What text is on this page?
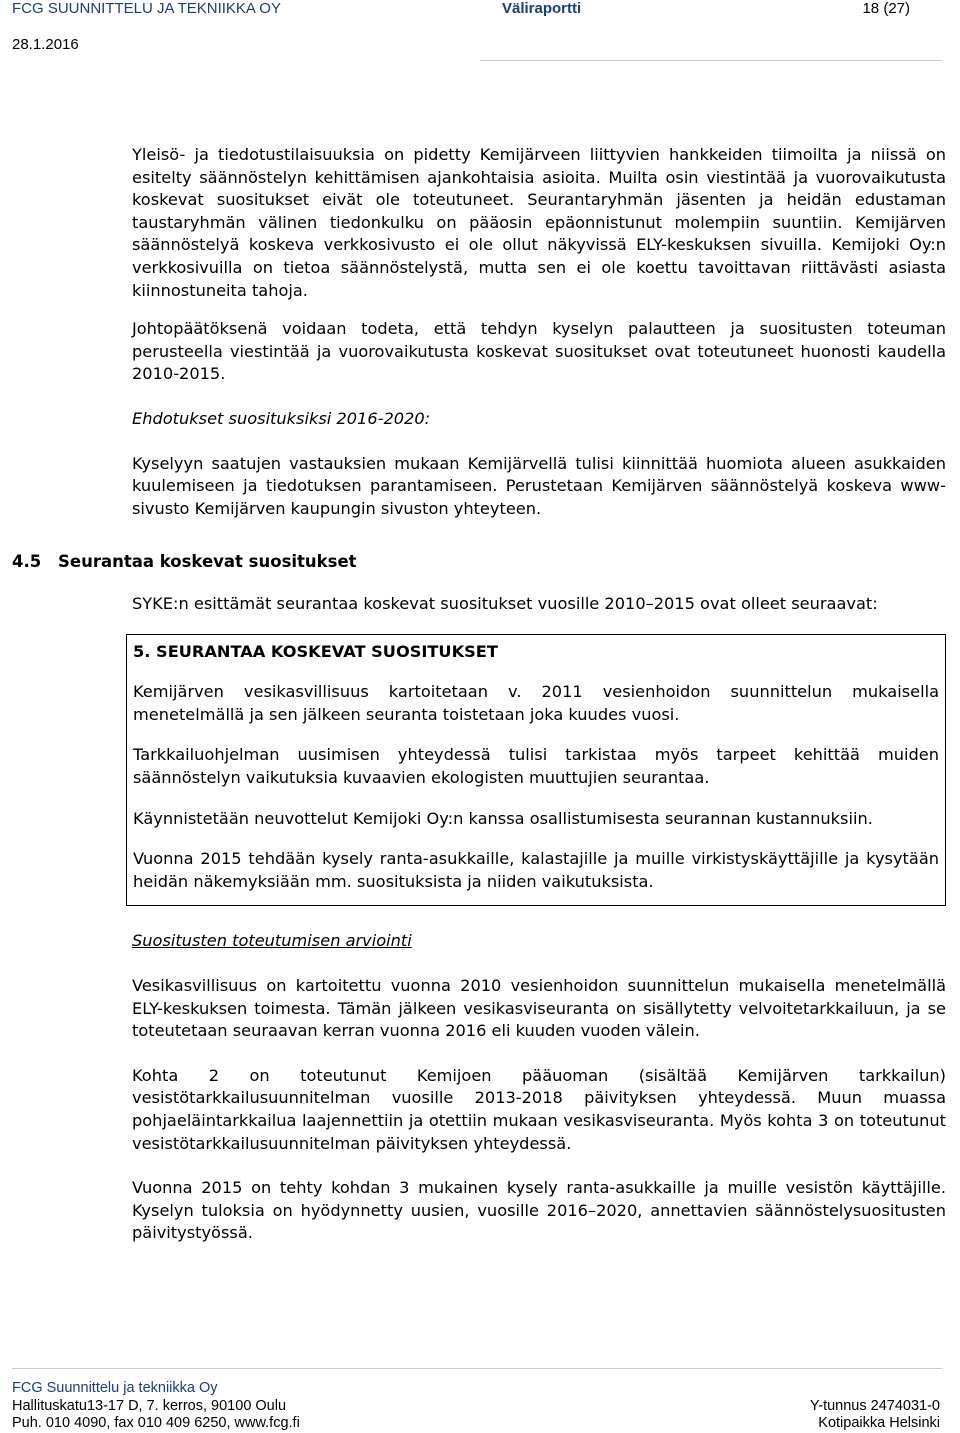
FCG SUUNNITTELU JA TEKNIIKKA OY	Väliraportti	18 (27)
28.1.2016

Yleisö- ja tiedotustilaisuuksia on pidetty Kemijärveen liittyvien hankkeiden tiimoilta ja niissä on esitelty säännöstelyn kehittämisen ajankohtaisia asioita. Muilta osin viestintää ja vuorovaikutusta koskevat suositukset eivät ole toteutuneet. Seurantaryhmän jäsenten ja heidän edustaman taustaryhmän välinen tiedonkulku on pääosin epäonnistunut molempiin suuntiin. Kemijärven säännöstelyä koskeva verkkosivusto ei ole ollut näkyvissä ELY-keskuksen sivuilla. Kemijoki Oy:n verkkosivuilla on tietoa säännöstelystä, mutta sen ei ole koettu tavoittavan riittävästi asiasta kiinnostuneita tahoja.

Johtopäätöksenä voidaan todeta, että tehdyn kyselyn palautteen ja suositusten toteuman perusteella viestintää ja vuorovaikutusta koskevat suositukset ovat toteutuneet huonosti kaudella 2010-2015.

Ehdotukset suosituksiksi 2016-2020:

Kyselyyn saatujen vastauksien mukaan Kemijärvellä tulisi kiinnittää huomiota alueen asukkaiden kuulemiseen ja tiedotuksen parantamiseen. Perustetaan Kemijärven säännöstelyä koskeva www-sivusto Kemijärven kaupungin sivuston yhteyteen.

4.5 Seurantaa koskevat suositukset

SYKE:n esittämät seurantaa koskevat suositukset vuosille 2010–2015 ovat olleet seuraavat:

5. SEURANTAA KOSKEVAT SUOSITUKSET

Kemijärven vesikasvillisuus kartoitetaan v. 2011 vesienhoidon suunnittelun mukaisella menetelmällä ja sen jälkeen seuranta toistetaan joka kuudes vuosi.

Tarkkailuohjelman uusimisen yhteydessä tulisi tarkistaa myös tarpeet kehittää muiden säännöstelyn vaikutuksia kuvaavien ekologisten muuttujien seurantaa.

Käynnistetään neuvottelut Kemijoki Oy:n kanssa osallistumisesta seurannan kustannuksiin.

Vuonna 2015 tehdään kysely ranta-asukkaille, kalastajille ja muille virkistyskäyttäjille ja kysytään heidän näkemyksiään mm. suosituksista ja niiden vaikutuksista.

Suositusten toteutumisen arviointi

Vesikasvillisuus on kartoitettu vuonna 2010 vesienhoidon suunnittelun mukaisella menetelmällä ELY-keskuksen toimesta. Tämän jälkeen vesikasviseuranta on sisällytetty velvoitetarkkailuun, ja se toteutetaan seuraavan kerran vuonna 2016 eli kuuden vuoden välein.

Kohta 2 on toteutunut Kemijoen pääuoman (sisältää Kemijärven tarkkailun) vesistötarkkailusuunnitelman vuosille 2013-2018 päivityksen yhteydessä. Muun muassa pohjaeläintarkkailua laajennettiin ja otettiin mukaan vesikasviseuranta. Myös kohta 3 on toteutunut vesistötarkkailusuunnitelman päivityksen yhteydessä.

Vuonna 2015 on tehty kohdan 3 mukainen kysely ranta-asukkaille ja muille vesistön käyttäjille. Kyselyn tuloksia on hyödynnetty uusien, vuosille 2016–2020, annettavien säännöstelysuositusten päivitystyössä.

FCG Suunnittelu ja tekniikka Oy
Hallituskatu13-17 D, 7. kerros, 90100 Oulu
Puh. 010 4090, fax 010 409 6250, www.fcg.fi
Y-tunnus 2474031-0
Kotipaikka Helsinki
